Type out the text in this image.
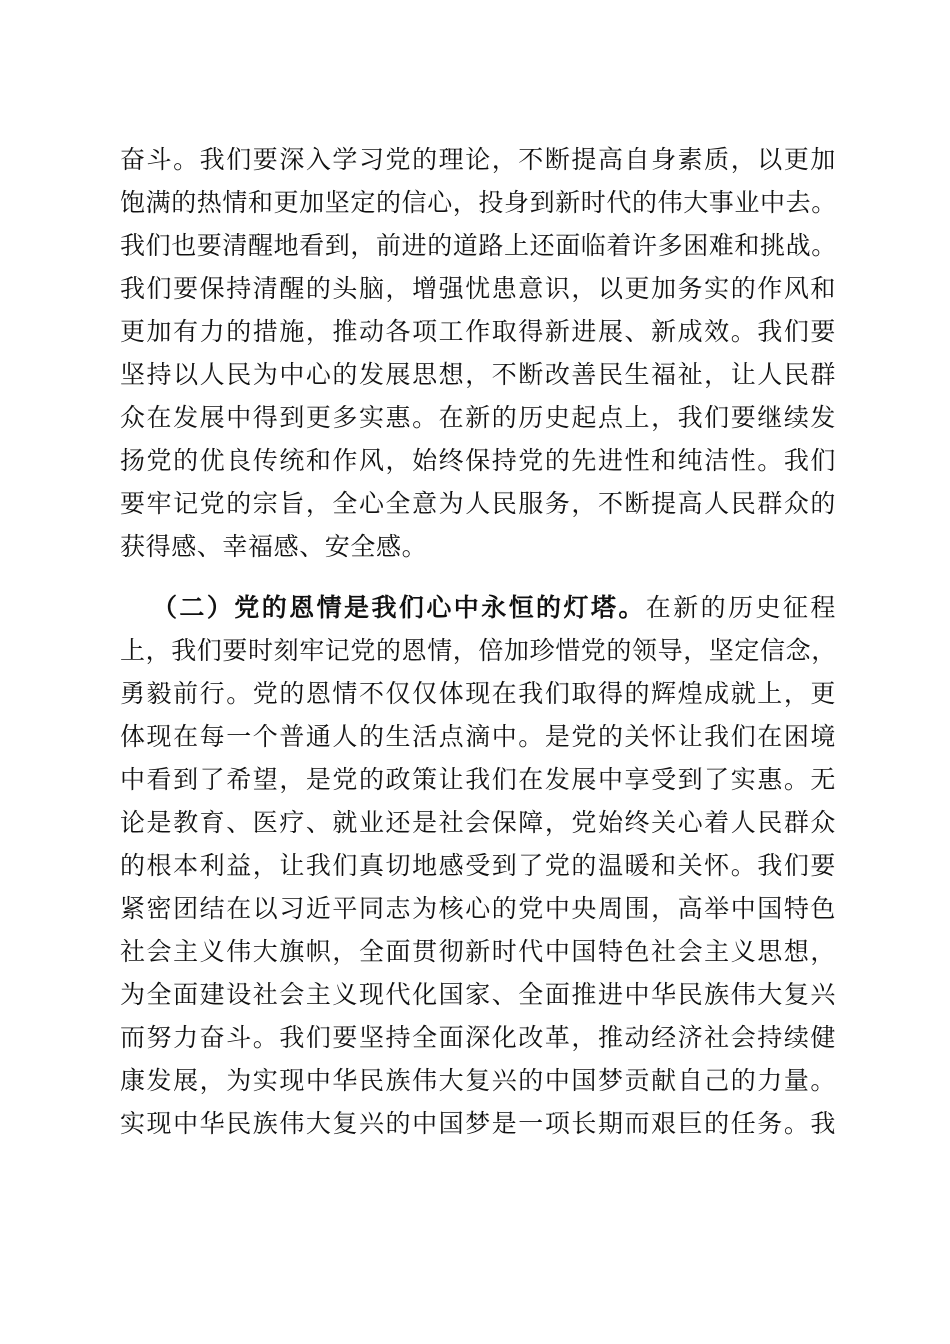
奋斗。我们要深入学习党的理论，不断提高自身素质，以更加
饱满的热情和更加坚定的信心，投身到新时代的伟大事业中去。
我们也要清醒地看到，前进的道路上还面临着许多困难和挑战。
我们要保持清醒的头脑，增强忧患意识，以更加务实的作风和
更加有力的措施，推动各项工作取得新进展、新成效。我们要
坚持以人民为中心的发展思想，不断改善民生福祉，让人民群
众在发展中得到更多实惠。在新的历史起点上，我们要继续发
扬党的优良传统和作风，始终保持党的先进性和纯洁性。我们
要牢记党的宗旨，全心全意为人民服务，不断提高人民群众的
获得感、幸福感、安全感。
（二）党的恩情是我们心中永恒的灯塔。在新的历史征程
上，我们要时刻牢记党的恩情，倍加珍惜党的领导，坚定信念，
勇毅前行。党的恩情不仅仅体现在我们取得的辉煌成就上，更
体现在每一个普通人的生活点滴中。是党的关怀让我们在困境
中看到了希望，是党的政策让我们在发展中享受到了实惠。无
论是教育、医疗、就业还是社会保障，党始终关心着人民群众
的根本利益，让我们真切地感受到了党的温暖和关怀。我们要
紧密团结在以习近平同志为核心的党中央周围，高举中国特色
社会主义伟大旗帜，全面贯彻新时代中国特色社会主义思想，
为全面建设社会主义现代化国家、全面推进中华民族伟大复兴
而努力奋斗。我们要坚持全面深化改革，推动经济社会持续健
康发展，为实现中华民族伟大复兴的中国梦贡献自己的力量。
实现中华民族伟大复兴的中国梦是一项长期而艰巨的任务。我
